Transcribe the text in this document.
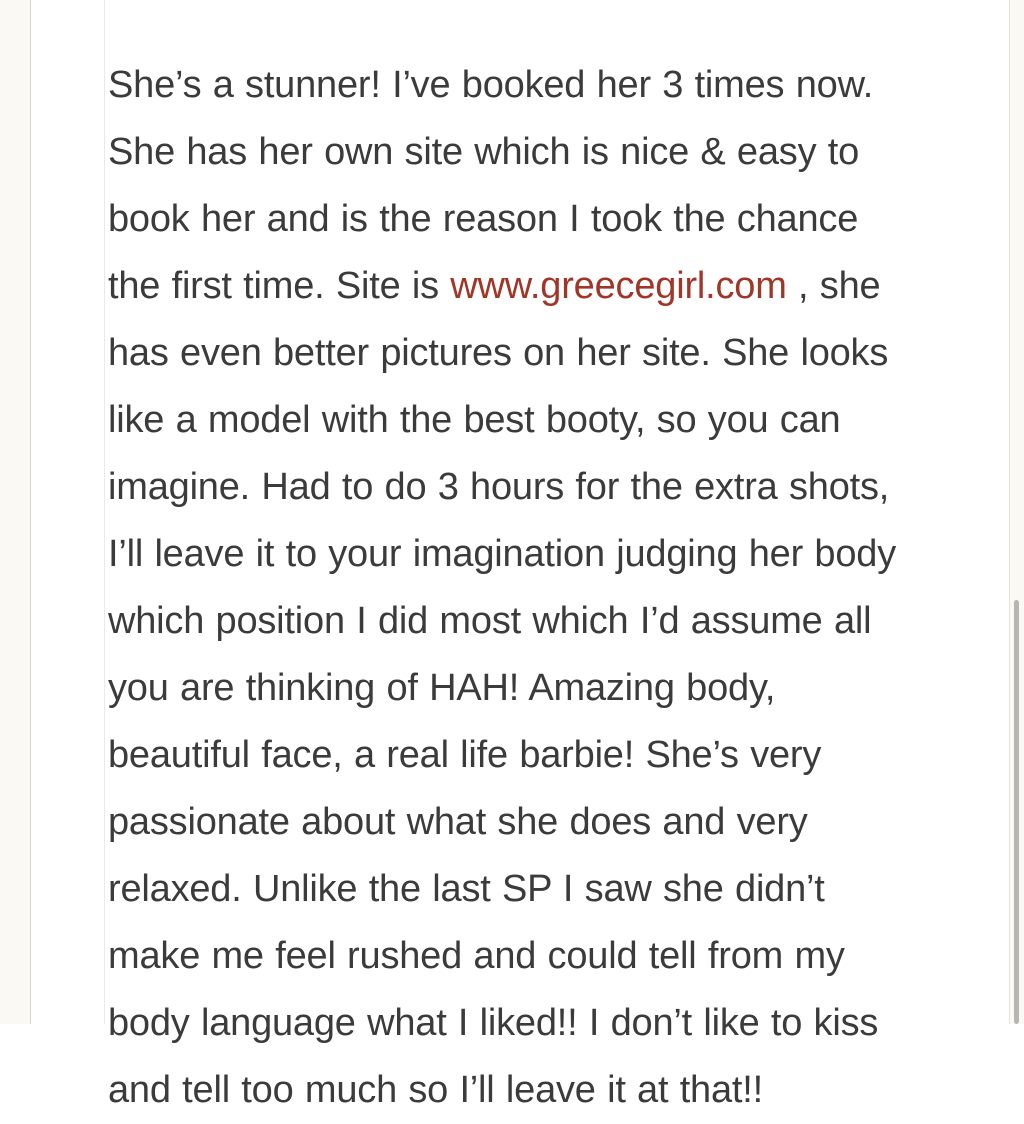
She’s a stunner! I’ve booked her 3 times now. She has her own site which is nice & easy to book her and is the reason I took the chance the first time. Site is www.greecegirl.com , she has even better pictures on her site. She looks like a model with the best booty, so you can imagine. Had to do 3 hours for the extra shots, I’ll leave it to your imagination judging her body which position I did most which I’d assume all you are thinking of HAH! Amazing body, beautiful face, a real life barbie! She’s very passionate about what she does and very relaxed. Unlike the last SP I saw she didn’t make me feel rushed and could tell from my body language what I liked!! I don’t like to kiss and tell too much so I’ll leave it at that!!
